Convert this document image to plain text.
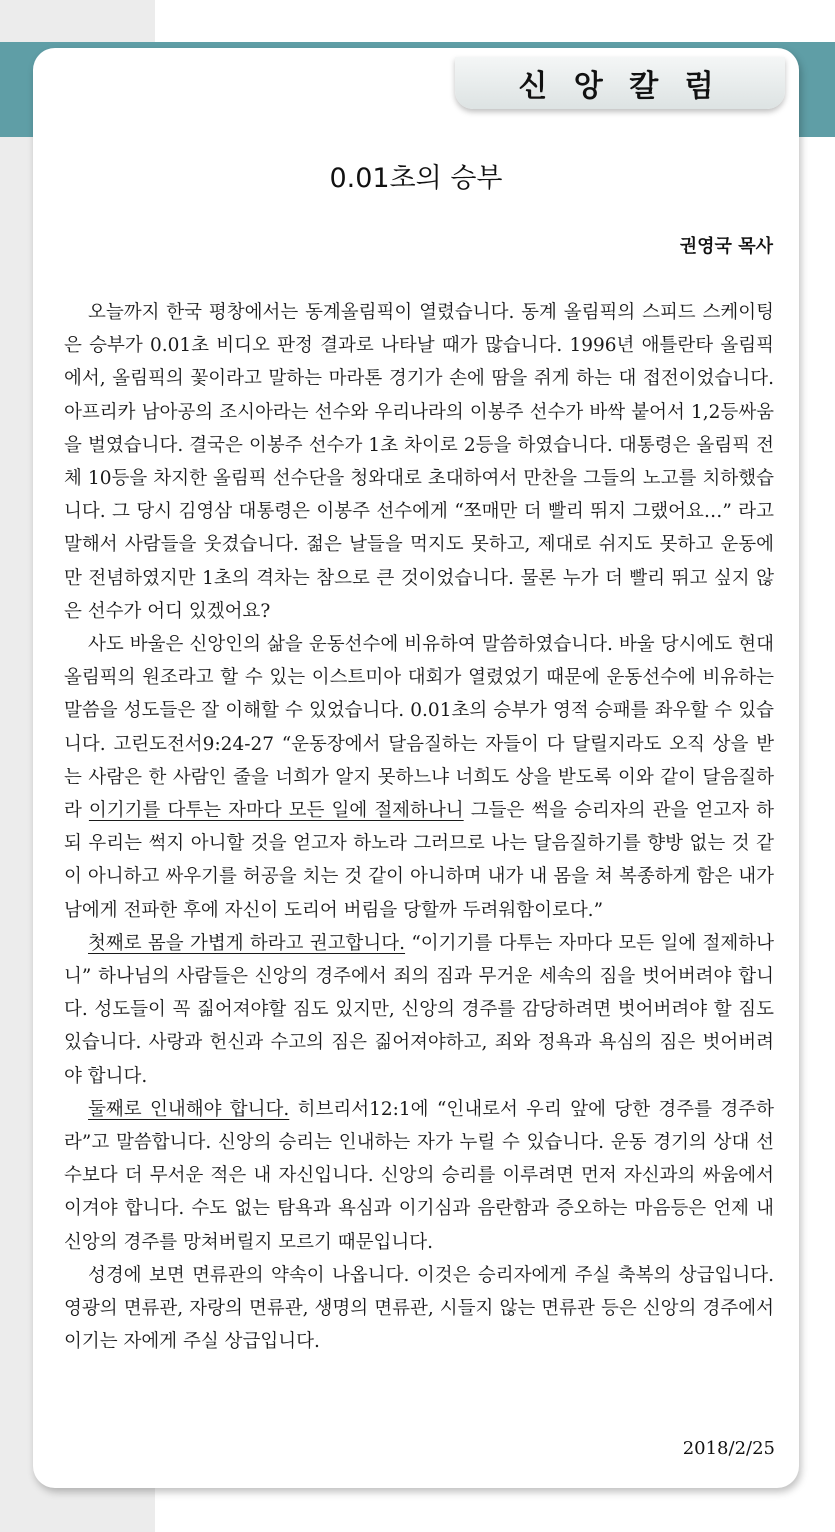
신 앙 칼 럼
0.01초의 승부
권영국 목사

오늘까지 한국 평창에서는 동계올림픽이 열렸습니다. 동계 올림픽의 스피드 스케이팅은 승부가 0.01초 비디오 판정 결과로 나타날 때가 많습니다. 1996년 애틀란타 올림픽에서, 올림픽의 꽃이라고 말하는 마라톤 경기가 손에 땀을 쥐게 하는 대 접전이었습니다. 아프리카 남아공의 조시아라는 선수와 우리나라의 이봉주 선수가 바싹 붙어서 1,2등싸움을 벌였습니다. 결국은 이봉주 선수가 1초 차이로 2등을 하였습니다. 대통령은 올림픽 전체 10등을 차지한 올림픽 선수단을 청와대로 초대하여서 만찬을 그들의 노고를 치하했습니다. 그 당시 김영삼 대통령은 이봉주 선수에게 “쪼매만 더 빨리 뛰지 그랬어요…” 라고 말해서 사람들을 웃겼습니다. 젊은 날들을 먹지도 못하고, 제대로 쉬지도 못하고 운동에만 전념하였지만 1초의 격차는 참으로 큰 것이었습니다. 물론 누가 더 빨리 뛰고 싶지 않은 선수가 어디 있겠어요?

사도 바울은 신앙인의 삶을 운동선수에 비유하여 말씀하였습니다. 바울 당시에도 현대 올림픽의 원조라고 할 수 있는 이스트미아 대회가 열렸었기 때문에 운동선수에 비유하는 말씀을 성도들은 잘 이해할 수 있었습니다. 0.01초의 승부가 영적 승패를 좌우할 수 있습니다. 고린도전서9:24-27 “운동장에서 달음질하는 자들이 다 달릴지라도 오직 상을 받는 사람은 한 사람인 줄을 너희가 알지 못하느냐 너희도 상을 받도록 이와 같이 달음질하라 이기기를 다투는 자마다 모든 일에 절제하나니 그들은 썩을 승리자의 관을 얻고자 하되 우리는 썩지 아니할 것을 얻고자 하노라 그러므로 나는 달음질하기를 향방 없는 것 같이 아니하고 싸우기를 허공을 치는 것 같이 아니하며 내가 내 몸을 쳐 복종하게 함은 내가 남에게 전파한 후에 자신이 도리어 버림을 당할까 두려워함이로다.”

첫째로 몸을 가볍게 하라고 권고합니다. “이기기를 다투는 자마다 모든 일에 절제하나니” 하나님의 사람들은 신앙의 경주에서 죄의 짐과 무거운 세속의 짐을 벗어버려야 합니다. 성도들이 꼭 짊어져야할 짐도 있지만, 신앙의 경주를 감당하려면 벗어버려야 할 짐도 있습니다. 사랑과 헌신과 수고의 짐은 짊어져야하고, 죄와 정욕과 욕심의 짐은 벗어버려야 합니다.

둘째로 인내해야 합니다. 히브리서12:1에 “인내로서 우리 앞에 당한 경주를 경주하라”고 말씀합니다. 신앙의 승리는 인내하는 자가 누릴 수 있습니다. 운동 경기의 상대 선수보다 더 무서운 적은 내 자신입니다. 신앙의 승리를 이루려면 먼저 자신과의 싸움에서 이겨야 합니다. 수도 없는 탐욕과 욕심과 이기심과 음란함과 증오하는 마음등은 언제 내 신앙의 경주를 망쳐버릴지 모르기 때문입니다.

성경에 보면 면류관의 약속이 나옵니다. 이것은 승리자에게 주실 축복의 상급입니다. 영광의 면류관, 자랑의 면류관, 생명의 면류관, 시들지 않는 면류관 등은 신앙의 경주에서 이기는 자에게 주실 상급입니다.

2018/2/25
